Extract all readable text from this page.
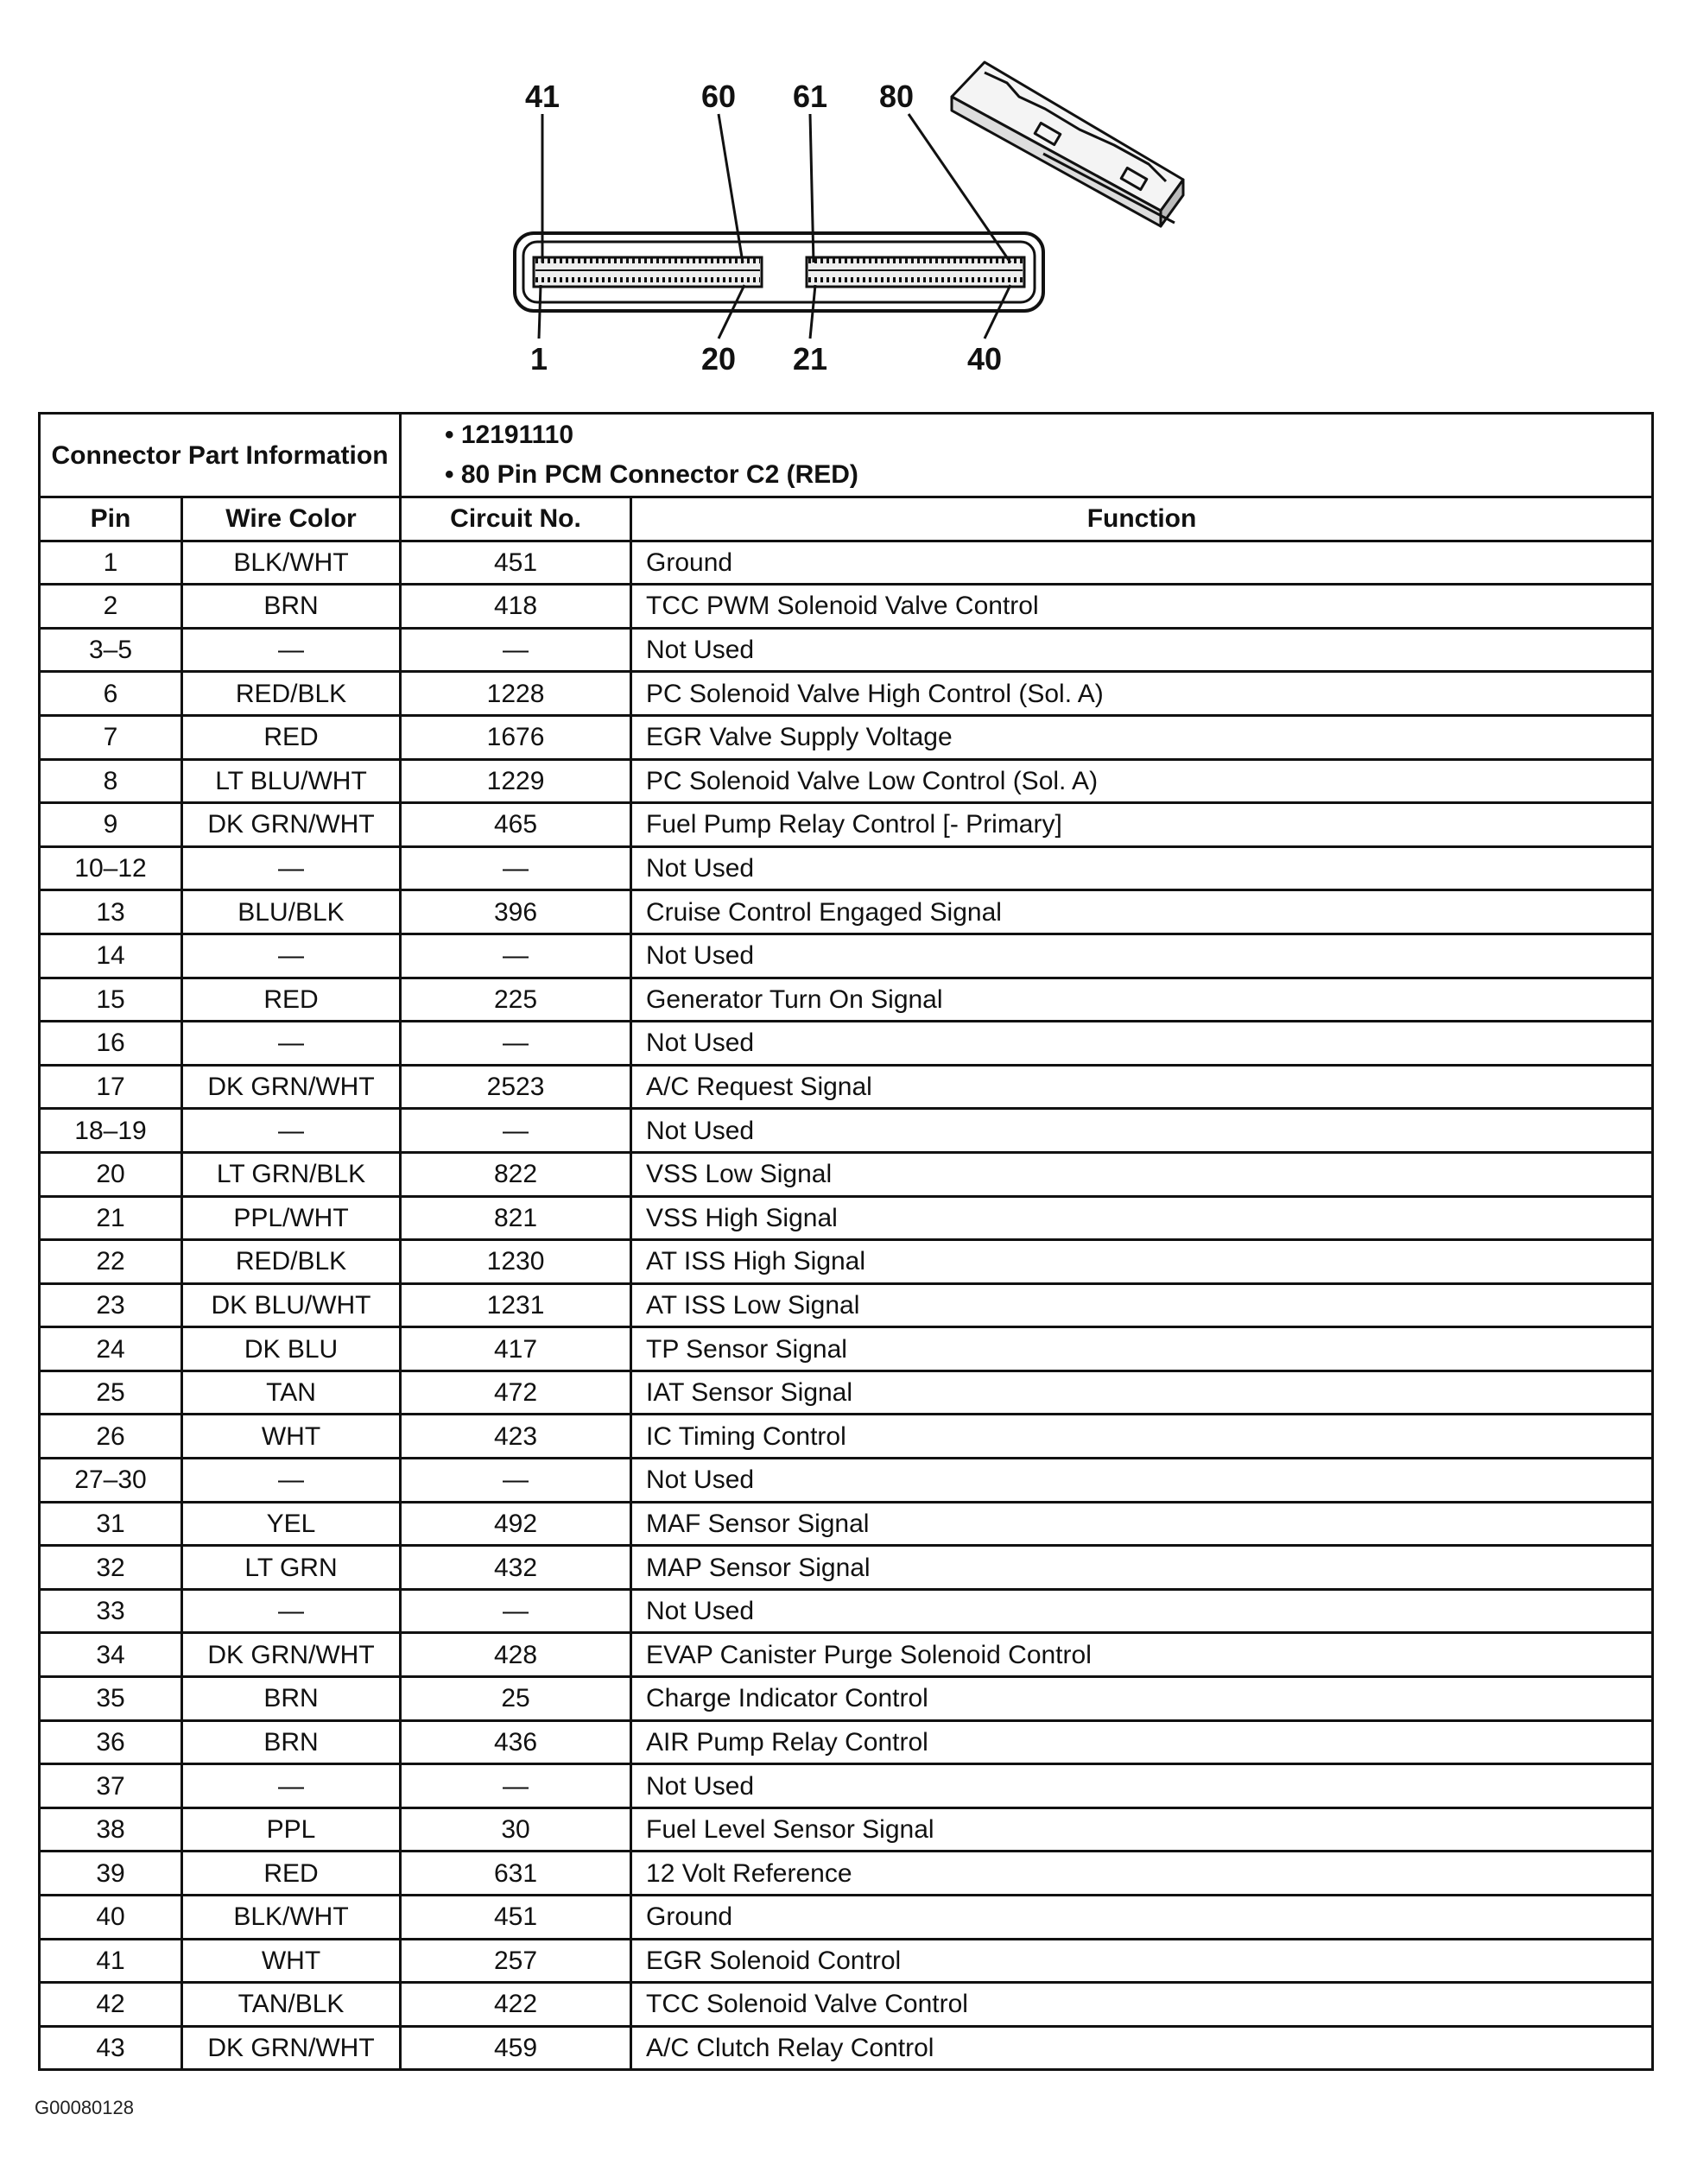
41	60 61 80
1	20 21	40
Connector Part Information		• 12191110
• 80 Pin PCM Connector C2 (RED)	

Pin	Wire Color	Circuit No.	Function
1	BLK/WHT	451	Ground
2	BRN	418	TCC PWM Solenoid Valve Control
3–5	—	—	Not Used
6	RED/BLK	1228	PC Solenoid Valve High Control (Sol. A)
7	RED	1676	EGR Valve Supply Voltage
8	LT BLU/WHT	1229	PC Solenoid Valve Low Control (Sol. A)
9	DK GRN/WHT	465	Fuel Pump Relay Control [- Primary]
10–12	—	—	Not Used
13	BLU/BLK	396	Cruise Control Engaged Signal
14	—	—	Not Used
15	RED	225	Generator Turn On Signal
16	—	—	Not Used
17	DK GRN/WHT	2523	A/C Request Signal
18–19	—	—	Not Used
20	LT GRN/BLK	822	VSS Low Signal
21	PPL/WHT	821	VSS High Signal
22	RED/BLK	1230	AT ISS High Signal
23	DK BLU/WHT	1231	AT ISS Low Signal
24	DK BLU	417	TP Sensor Signal
25	TAN	472	IAT Sensor Signal
26	WHT	423	IC Timing Control
27–30	—	—	Not Used
31	YEL	492	MAF Sensor Signal
32	LT GRN	432	MAP Sensor Signal
33	—	—	Not Used
34	DK GRN/WHT	428	EVAP Canister Purge Solenoid Control
35	BRN	25	Charge Indicator Control
36	BRN	436	AIR Pump Relay Control
37	—	—	Not Used
38	PPL	30	Fuel Level Sensor Signal
39	RED	631	12 Volt Reference
40	BLK/WHT	451	Ground
41	WHT	257	EGR Solenoid Control
42	TAN/BLK	422	TCC Solenoid Valve Control
43	DK GRN/WHT	459	A/C Clutch Relay Control
G00080128
